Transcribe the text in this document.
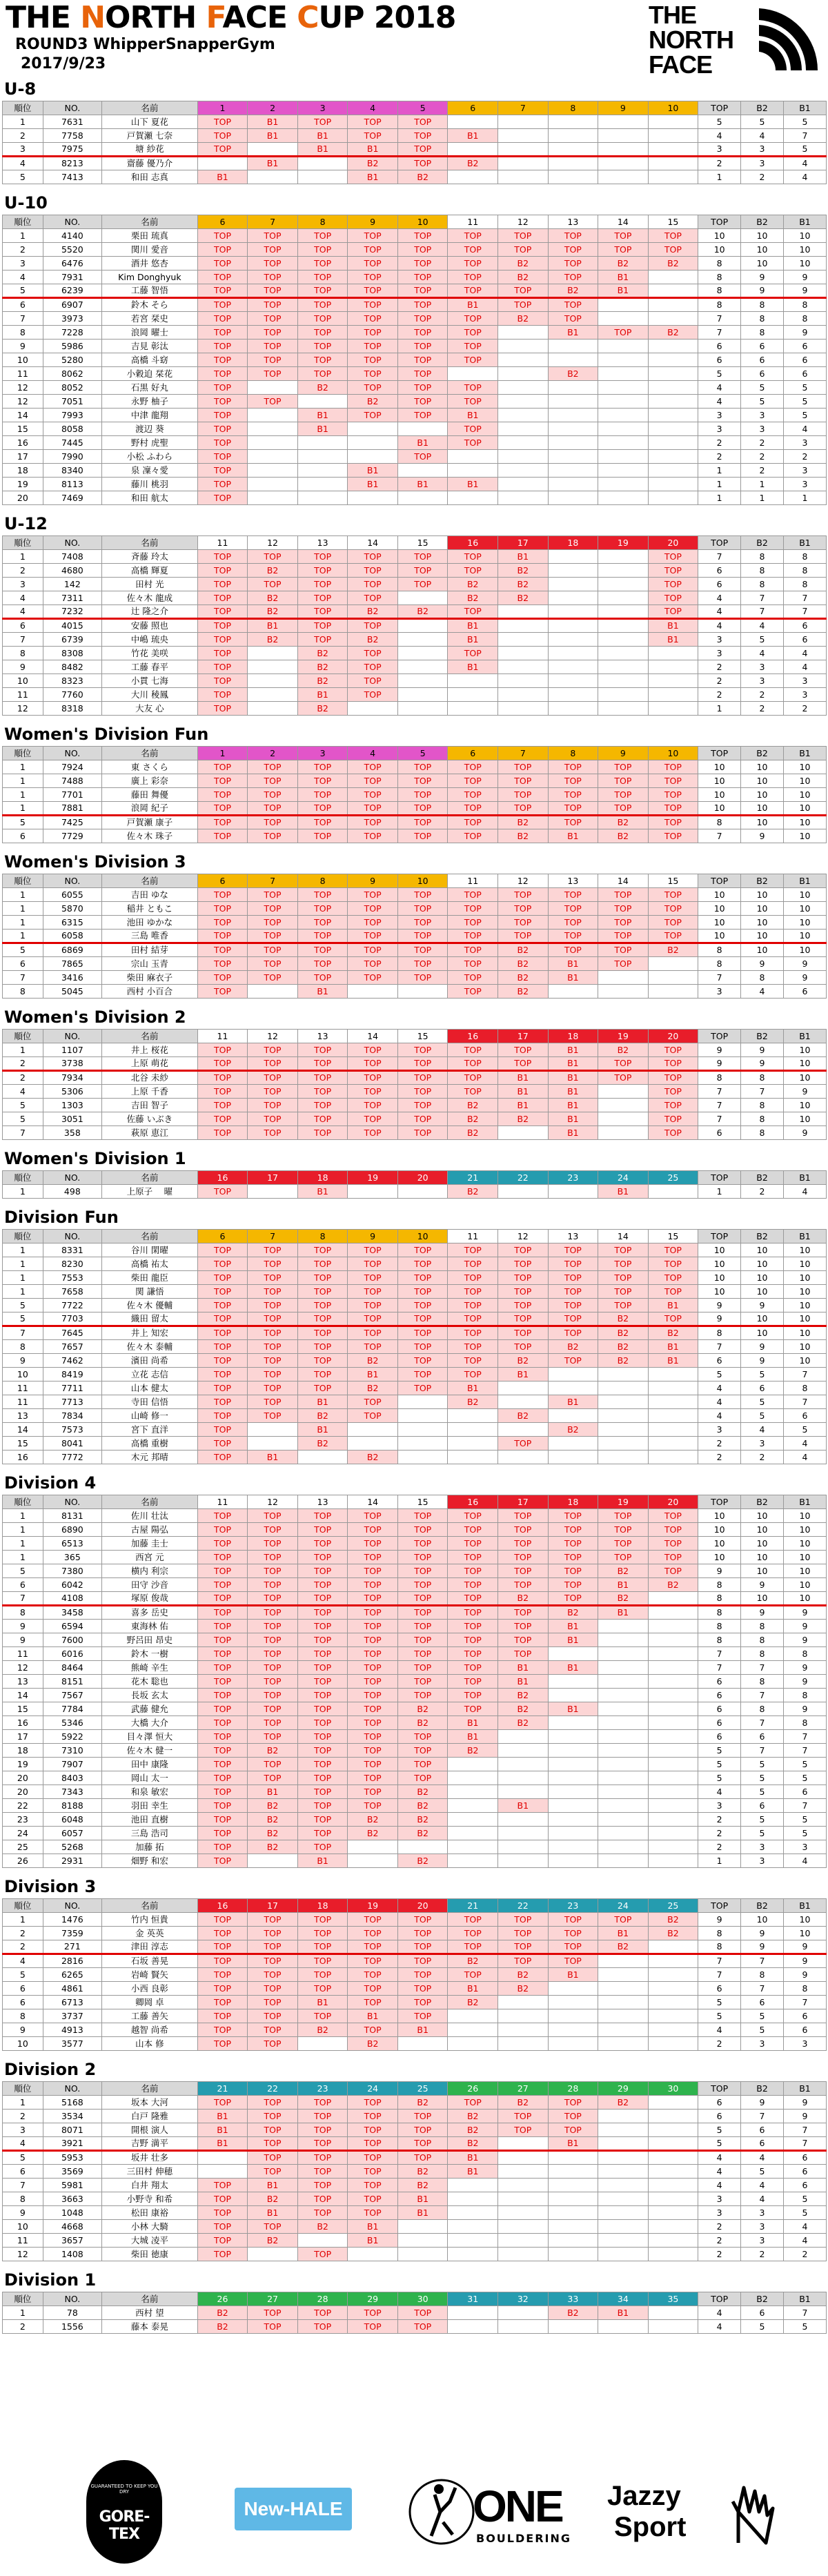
THE NORTH FACE CUP 2018
ROUND3 WhipperSnapperGym
2017/9/23
THE
NORTH
FACE
U-8
順位	NO.	名前	1	2	3	4	5	6	7	8	9	10	TOP	B2	B1
1	7631	山下 夏花	TOP	B1	TOP	TOP	TOP						5	5	5
2	7758	戸賀瀬 七奈	TOP	B1	B1	TOP	TOP	B1					4	4	7
3	7975	塘 紗花	TOP		B1	B1	TOP						3	3	5
4	8213	齋藤 優乃介		B1		B2	TOP	B2					2	3	4
5	7413	和田 志真	B1			B1	B2						1	2	4
U-10
順位	NO.	名前	6	7	8	9	10	11	12	13	14	15	TOP	B2	B1
1	4140	栗田 琉真	TOP	TOP	TOP	TOP	TOP	TOP	TOP	TOP	TOP	TOP	10	10	10
2	5520	関川 愛音	TOP	TOP	TOP	TOP	TOP	TOP	TOP	TOP	TOP	TOP	10	10	10
3	6476	酒井 悠杏	TOP	TOP	TOP	TOP	TOP	TOP	B2	TOP	B2	B2	8	10	10
4	7931	Kim Donghyuk	TOP	TOP	TOP	TOP	TOP	TOP	B2	TOP	B1		8	9	9
5	6239	工藤 智悟	TOP	TOP	TOP	TOP	TOP	TOP	TOP	B2	B1		8	9	9
6	6907	鈴木 そら	TOP	TOP	TOP	TOP	TOP	B1	TOP	TOP			8	8	8
7	3973	若宮 栞史	TOP	TOP	TOP	TOP	TOP	TOP	B2	TOP			7	8	8
8	7228	浪岡 曜士	TOP	TOP	TOP	TOP	TOP	TOP		B1	TOP	B2	7	8	9
9	5986	吉見 彰汰	TOP	TOP	TOP	TOP	TOP	TOP					6	6	6
10	5280	高橋 斗窈	TOP	TOP	TOP	TOP	TOP	TOP					6	6	6
11	8062	小穀迫 栞花	TOP	TOP	TOP	TOP	TOP			B2			5	6	6
12	8052	石黒 好丸	TOP		B2	TOP	TOP	TOP					4	5	5
12	7051	永野 柚子	TOP	TOP		B2	TOP	TOP					4	5	5
14	7993	中津 龍翔	TOP		B1	TOP	TOP	B1					3	3	5
15	8058	渡辺 葵	TOP		B1			TOP					3	3	4
16	7445	野村 虎聖	TOP				B1	TOP					2	2	3
17	7990	小松 ふわら	TOP				TOP						2	2	2
18	8340	泉 凜々愛	TOP			B1							1	2	3
19	8113	藤川 桃羽	TOP			B1	B1	B1					1	1	3
20	7469	和田 航太	TOP										1	1	1
U-12
順位	NO.	名前	11	12	13	14	15	16	17	18	19	20	TOP	B2	B1
1	7408	斉藤 玲太	TOP	TOP	TOP	TOP	TOP	TOP	B1			TOP	7	8	8
2	4680	高橋 輝夏	TOP	B2	TOP	TOP	TOP	TOP	B2			TOP	6	8	8
3	142	田村 光	TOP	TOP	TOP	TOP	TOP	B2	B2			TOP	6	8	8
4	7311	佐々木 龍成	TOP	B2	TOP	TOP		B2	B2			TOP	4	7	7
4	7232	辻 隆之介	TOP	B2	TOP	B2	B2	TOP				TOP	4	7	7
6	4015	安藤 照也	TOP	B1	TOP	TOP		B1				B1	4	4	6
7	6739	中嶋 琉央	TOP	B2	TOP	B2		B1				B1	3	5	6
8	8308	竹花 美咲	TOP		B2	TOP		TOP					3	4	4
9	8482	工藤 春平	TOP		B2	TOP		B1					2	3	4
10	8323	小貫 七海	TOP		B2	TOP							2	3	3
11	7760	大川 稜鳳	TOP		B1	TOP							2	2	3
12	8318	大友 心	TOP		B2								1	2	2
Women's Division Fun
順位	NO.	名前	1	2	3	4	5	6	7	8	9	10	TOP	B2	B1
1	7924	東 さくら	TOP	TOP	TOP	TOP	TOP	TOP	TOP	TOP	TOP	TOP	10	10	10
1	7488	廣上 彩奈	TOP	TOP	TOP	TOP	TOP	TOP	TOP	TOP	TOP	TOP	10	10	10
1	7701	藤田 舞優	TOP	TOP	TOP	TOP	TOP	TOP	TOP	TOP	TOP	TOP	10	10	10
1	7881	浪岡 紀子	TOP	TOP	TOP	TOP	TOP	TOP	TOP	TOP	TOP	TOP	10	10	10
5	7425	戸賀瀬 康子	TOP	TOP	TOP	TOP	TOP	TOP	B2	TOP	B2	TOP	8	10	10
6	7729	佐々木 珠子	TOP	TOP	TOP	TOP	TOP	TOP	B2	B1	B2	TOP	7	9	10
Women's Division 3
順位	NO.	名前	6	7	8	9	10	11	12	13	14	15	TOP	B2	B1
1	6055	吉田 ゆな	TOP	TOP	TOP	TOP	TOP	TOP	TOP	TOP	TOP	TOP	10	10	10
1	5870	稲井 ともこ	TOP	TOP	TOP	TOP	TOP	TOP	TOP	TOP	TOP	TOP	10	10	10
1	6315	池田 ゆかな	TOP	TOP	TOP	TOP	TOP	TOP	TOP	TOP	TOP	TOP	10	10	10
1	6058	三島 唯香	TOP	TOP	TOP	TOP	TOP	TOP	TOP	TOP	TOP	TOP	10	10	10
5	6869	田村 結芽	TOP	TOP	TOP	TOP	TOP	TOP	B2	TOP	TOP	B2	8	10	10
6	7865	宗山 玉青	TOP	TOP	TOP	TOP	TOP	TOP	B2	B1	TOP		8	9	9
7	3416	柴田 麻衣子	TOP	TOP	TOP	TOP	TOP	TOP	B2	B1			7	8	9
8	5045	西村 小百合	TOP		B1			TOP	B2				3	4	6
Women's Division 2
順位	NO.	名前	11	12	13	14	15	16	17	18	19	20	TOP	B2	B1
1	1107	井上 桜花	TOP	TOP	TOP	TOP	TOP	TOP	TOP	B1	B2	TOP	9	9	10
2	3738	上原 萌花	TOP	TOP	TOP	TOP	TOP	TOP	TOP	B1	TOP	TOP	9	9	10
2	7934	北谷 未紗	TOP	TOP	TOP	TOP	TOP	TOP	B1	B1	TOP	TOP	8	8	10
4	5306	上原 千香	TOP	TOP	TOP	TOP	TOP	TOP	B1	B1		TOP	7	7	9
5	1303	吉田 智子	TOP	TOP	TOP	TOP	TOP	B2	B1	B1		TOP	7	8	10
5	3051	佐藤 いぶき	TOP	TOP	TOP	TOP	TOP	B2	B2	B1		TOP	7	8	10
7	358	萩原 恵江	TOP	TOP	TOP	TOP	TOP	B2		B1		TOP	6	8	9
Women's Division 1
順位	NO.	名前	16	17	18	19	20	21	22	23	24	25	TOP	B2	B1
1	498	上原子 　曜	TOP		B1			B2			B1		1	2	4
Division Fun
順位	NO.	名前	6	7	8	9	10	11	12	13	14	15	TOP	B2	B1
1	8331	谷川 閑曜	TOP	TOP	TOP	TOP	TOP	TOP	TOP	TOP	TOP	TOP	10	10	10
1	8230	高橋 祐太	TOP	TOP	TOP	TOP	TOP	TOP	TOP	TOP	TOP	TOP	10	10	10
1	7553	柴田 龍臣	TOP	TOP	TOP	TOP	TOP	TOP	TOP	TOP	TOP	TOP	10	10	10
1	7658	関 謙悟	TOP	TOP	TOP	TOP	TOP	TOP	TOP	TOP	TOP	TOP	10	10	10
5	7722	佐々木 優輔	TOP	TOP	TOP	TOP	TOP	TOP	TOP	TOP	TOP	B1	9	9	10
5	7703	織田 留太	TOP	TOP	TOP	TOP	TOP	TOP	TOP	TOP	B2	TOP	9	10	10
7	7645	井上 知宏	TOP	TOP	TOP	TOP	TOP	TOP	TOP	TOP	B2	B2	8	10	10
8	7657	佐々木 泰輔	TOP	TOP	TOP	TOP	TOP	TOP	TOP	B2	B2	B1	7	9	10
9	7462	濱田 尚希	TOP	TOP	TOP	B2	TOP	TOP	B2	TOP	B2	B1	6	9	10
10	8419	立花 志信	TOP	TOP	TOP	B1	TOP	TOP	B1				5	5	7
11	7711	山本 健太	TOP	TOP	TOP	B2	TOP	B1					4	6	8
11	7713	寺田 信悟	TOP	TOP	B1	TOP		B2		B1			4	5	7
13	7834	山崎 修一	TOP	TOP	B2	TOP			B2				4	5	6
14	7573	宮下 直洋	TOP		B1					B2			3	4	5
15	8041	高橋 重樹	TOP		B2				TOP				2	3	4
16	7772	木元 邦晴	TOP	B1		B2							2	2	4
Division 4
順位	NO.	名前	11	12	13	14	15	16	17	18	19	20	TOP	B2	B1
1	8131	佐川 壮汰	TOP	TOP	TOP	TOP	TOP	TOP	TOP	TOP	TOP	TOP	10	10	10
1	6890	古屋 陽弘	TOP	TOP	TOP	TOP	TOP	TOP	TOP	TOP	TOP	TOP	10	10	10
1	6513	加藤 圭士	TOP	TOP	TOP	TOP	TOP	TOP	TOP	TOP	TOP	TOP	10	10	10
1	365	西宮 元	TOP	TOP	TOP	TOP	TOP	TOP	TOP	TOP	TOP	TOP	10	10	10
5	7380	横内 利宗	TOP	TOP	TOP	TOP	TOP	TOP	TOP	TOP	B2	TOP	9	10	10
6	6042	田守 沙音	TOP	TOP	TOP	TOP	TOP	TOP	TOP	TOP	B1	B2	8	9	10
7	4108	塚原 俊哉	TOP	TOP	TOP	TOP	TOP	TOP	B2	TOP	B2		8	10	10
8	3458	喜多 岳史	TOP	TOP	TOP	TOP	TOP	TOP	TOP	B2	B1		8	9	9
9	6594	東海林 佑	TOP	TOP	TOP	TOP	TOP	TOP	TOP	B1			8	8	9
9	7600	野呂田 昂史	TOP	TOP	TOP	TOP	TOP	TOP	TOP	B1			8	8	9
11	6016	鈴木 一樹	TOP	TOP	TOP	TOP	TOP	TOP	TOP				7	8	8
12	8464	熊崎 辛生	TOP	TOP	TOP	TOP	TOP	TOP	B1	B1			7	7	9
13	8151	花木 聡也	TOP	TOP	TOP	TOP	TOP	TOP	B1				6	8	9
14	7567	長坂 玄太	TOP	TOP	TOP	TOP	TOP	TOP	B2				6	7	8
15	7784	武藤 健允	TOP	TOP	TOP	TOP	B2	TOP	B2	B1			6	8	9
16	5346	大橋 大介	TOP	TOP	TOP	TOP	B2	B1	B2				6	7	8
17	5922	目々澤 恒大	TOP	TOP	TOP	TOP	TOP	B1					6	6	7
18	7310	佐々木 健一	TOP	B2	TOP	TOP	TOP	B2					5	7	7
19	7907	田中 康隆	TOP	TOP	TOP	TOP	TOP						5	5	5
20	8403	岡山 太一	TOP	TOP	TOP	TOP	TOP						5	5	5
20	7343	和泉 敏宏	TOP	B1	TOP	TOP	B2						4	5	6
22	8188	羽田 幸生	TOP	B2	TOP	TOP	B2		B1				3	6	7
23	6048	池田 直樹	TOP	B2	TOP	B2	B2						2	5	5
24	6057	三島 浩司	TOP	B2	TOP	B2	B2						2	5	5
25	5268	加藤 拓	TOP	B2	TOP								2	3	3
26	2931	畑野 和宏	TOP		B1		B2						1	3	4
Division 3
順位	NO.	名前	16	17	18	19	20	21	22	23	24	25	TOP	B2	B1
1	1476	竹内 恒貴	TOP	TOP	TOP	TOP	TOP	TOP	TOP	TOP	TOP	B2	9	10	10
2	7359	金 英英	TOP	TOP	TOP	TOP	TOP	TOP	TOP	TOP	B1	B2	8	9	10
2	271	津田 淳志	TOP	TOP	TOP	TOP	TOP	TOP	TOP	TOP	B2		8	9	9
4	2816	石坂 善晃	TOP	TOP	TOP	TOP	TOP	B2	TOP	TOP			7	7	9
5	6265	岩崎 賢矢	TOP	TOP	TOP	TOP	TOP	TOP	B2	B1			7	8	9
6	4861	小西 良彰	TOP	TOP	TOP	TOP	TOP	B1	B2				6	7	8
6	6713	卿岡 卓	TOP	TOP	B1	TOP	TOP	B2					5	6	7
8	3737	工藤 善矢	TOP	TOP	TOP	B1	TOP						5	5	6
9	4913	越智 尚希	TOP	TOP	B2	TOP	B1						4	5	6
10	3577	山本 修	TOP	TOP		B2							2	3	3
Division 2
順位	NO.	名前	21	22	23	24	25	26	27	28	29	30	TOP	B2	B1
1	5168	坂本 大河	TOP	TOP	TOP	TOP	B2	TOP	B2	TOP	B2		6	9	9
2	3534	白戸 隆雅	B1	TOP	TOP	TOP	TOP	B2	TOP	TOP			6	7	9
3	8071	開根 演人	B1	TOP	TOP	TOP	TOP	B2	TOP	TOP			5	6	7
4	3921	吉野 満平	B1	TOP	TOP	TOP	TOP	B2		B1			5	6	7
5	5953	坂井 壮多		TOP	TOP	TOP	TOP	B1					4	4	6
6	3569	三田村 伸穂		TOP	TOP	TOP	B2	B1					4	5	6
7	5981	白井 翔太	TOP	B1	TOP	TOP	B2						4	4	6
8	3663	小野寺 和希	TOP	B2	TOP	TOP	B1						3	4	5
9	1048	松田 康裕	TOP	B1	TOP	TOP	B1						3	3	5
10	4668	小林 大騎	TOP	TOP	B2	B1							2	3	4
11	3657	大城 凌平	TOP	B2		B1							2	3	4
12	1408	柴田 徳康	TOP		TOP								2	2	2
Division 1
順位	NO.	名前	26	27	28	29	30	31	32	33	34	35	TOP	B2	B1
1	78	西村 望	B2	TOP	TOP	TOP	TOP			B2	B1		4	6	7
2	1556	藤本 泰晃	B2	TOP	TOP	TOP	TOP						4	5	5
GUARANTEED TO KEEP YOU DRY
GORE-TEX
New-HALE	ONE
BOULDERING
Jazzy
Sport
